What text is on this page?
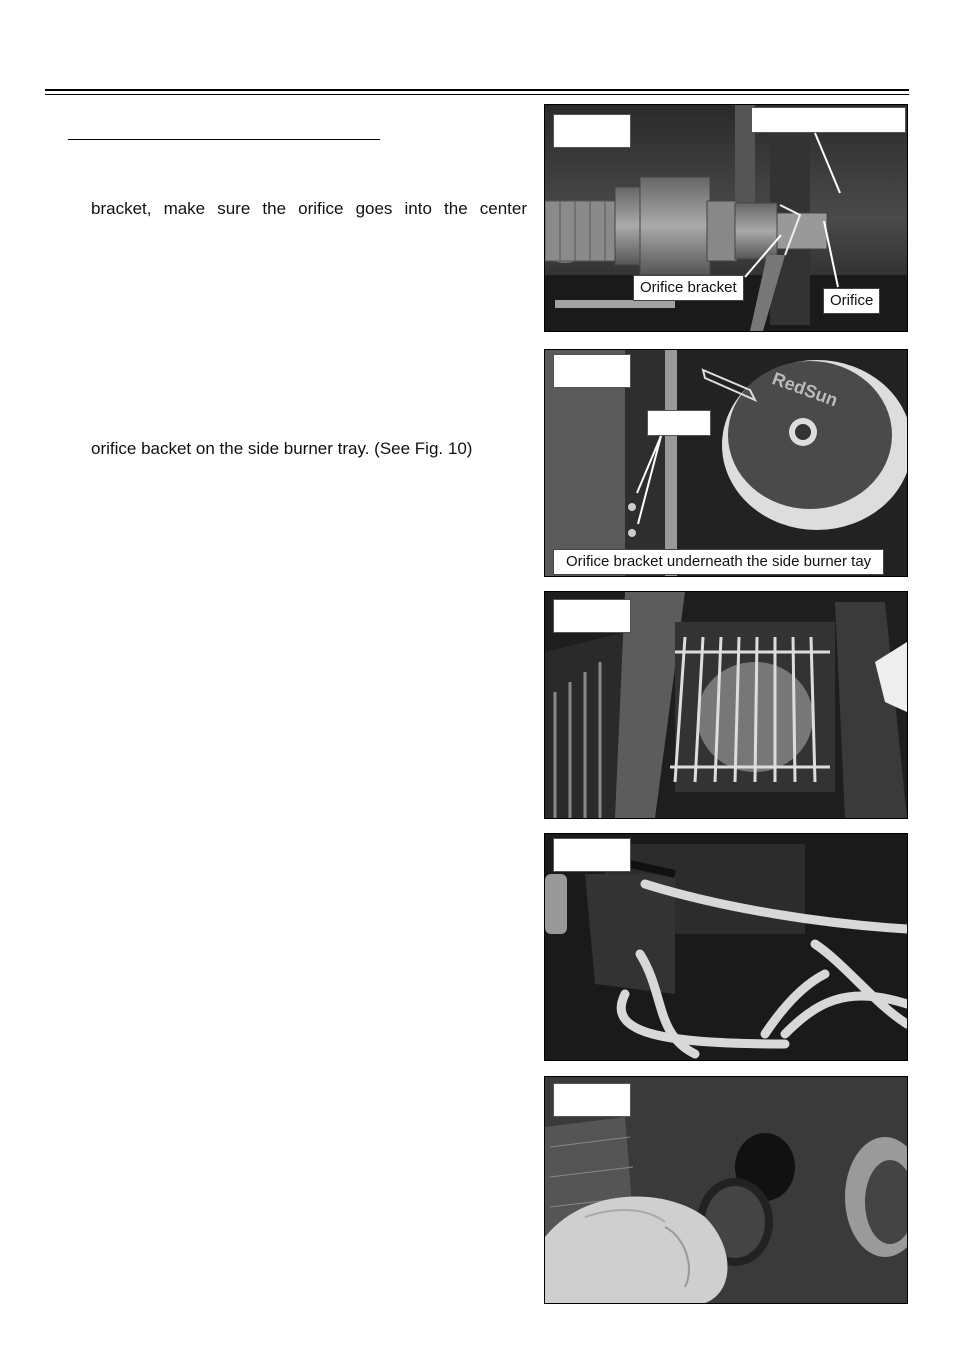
bracket, make sure the orifice goes into the center
orifice backet on the side burner tray. (See Fig. 10)
Orifice bracket
Orifice
RedSun
Orifice bracket underneath the side burner tay
